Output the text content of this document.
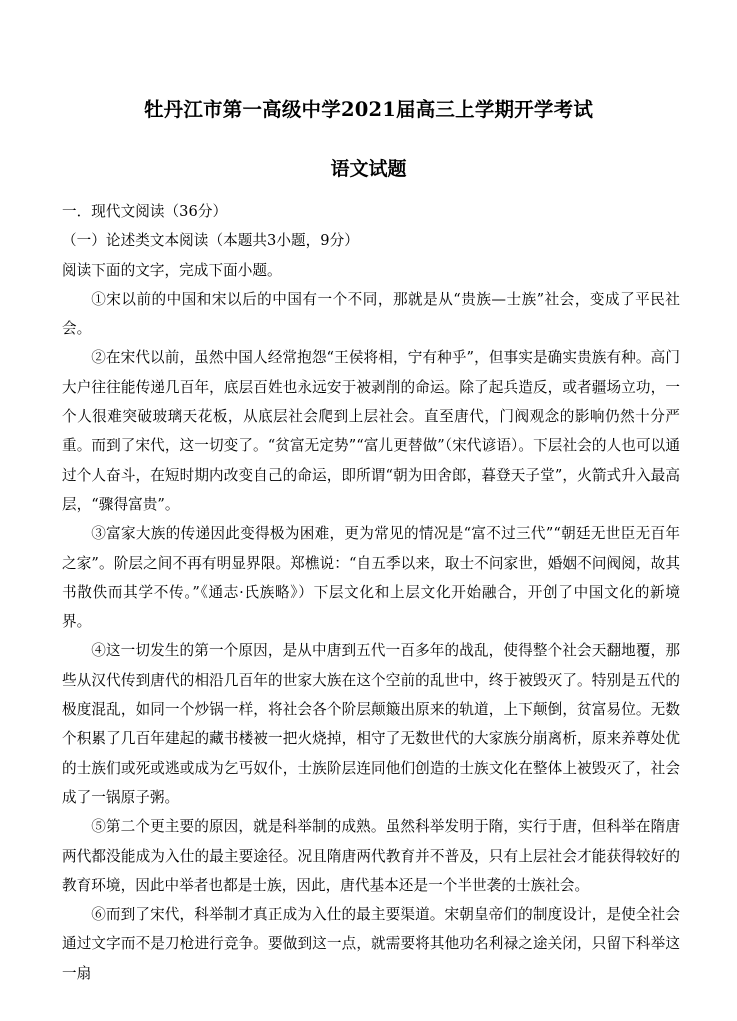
牡丹江市第一高级中学2021届高三上学期开学考试
语文试题

一．现代文阅读（36分）

（一）论述类文本阅读（本题共3小题，9分）

阅读下面的文字，完成下面小题。

①宋以前的中国和宋以后的中国有一个不同，那就是从“贵族—士族”社会，变成了平民社会。

②在宋代以前，虽然中国人经常抱怨“王侯将相，宁有种乎”，但事实是确实贵族有种。高门大户往往能传递几百年，底层百姓也永远安于被剥削的命运。除了起兵造反，或者疆场立功，一个人很难突破玻璃天花板，从底层社会爬到上层社会。直至唐代，门阀观念的影响仍然十分严重。而到了宋代，这一切变了。“贫富无定势”“富儿更替做”（宋代谚语）。下层社会的人也可以通过个人奋斗，在短时期内改变自己的命运，即所谓“朝为田舍郎，暮登天子堂”，火箭式升入最高层，“骤得富贵”。

③富家大族的传递因此变得极为困难，更为常见的情况是“富不过三代”“朝廷无世臣无百年之家”。阶层之间不再有明显界限。郑樵说：“自五季以来，取士不问家世，婚姻不问阀阅，故其书散佚而其学不传。”《通志·氏族略》）下层文化和上层文化开始融合，开创了中国文化的新境界。

④这一切发生的第一个原因，是从中唐到五代一百多年的战乱，使得整个社会天翻地覆，那些从汉代传到唐代的相沿几百年的世家大族在这个空前的乱世中，终于被毁灭了。特别是五代的极度混乱，如同一个炒锅一样，将社会各个阶层颠簸出原来的轨道，上下颠倒，贫富易位。无数个积累了几百年建起的藏书楼被一把火烧掉，相守了无数世代的大家族分崩离析，原来养尊处优的士族们或死或逃或成为乞丐奴仆，士族阶层连同他们创造的士族文化在整体上被毁灭了，社会成了一锅原子粥。

⑤第二个更主要的原因，就是科举制的成熟。虽然科举发明于隋，实行于唐，但科举在隋唐两代都没能成为入仕的最主要途径。况且隋唐两代教育并不普及，只有上层社会才能获得较好的教育环境，因此中举者也都是士族，因此，唐代基本还是一个半世袭的士族社会。

⑥而到了宋代，科举制才真正成为入仕的最主要渠道。宋朝皇帝们的制度设计，是使全社会通过文字而不是刀枪进行竞争。要做到这一点，就需要将其他功名利禄之途关闭，只留下科举这一扇
